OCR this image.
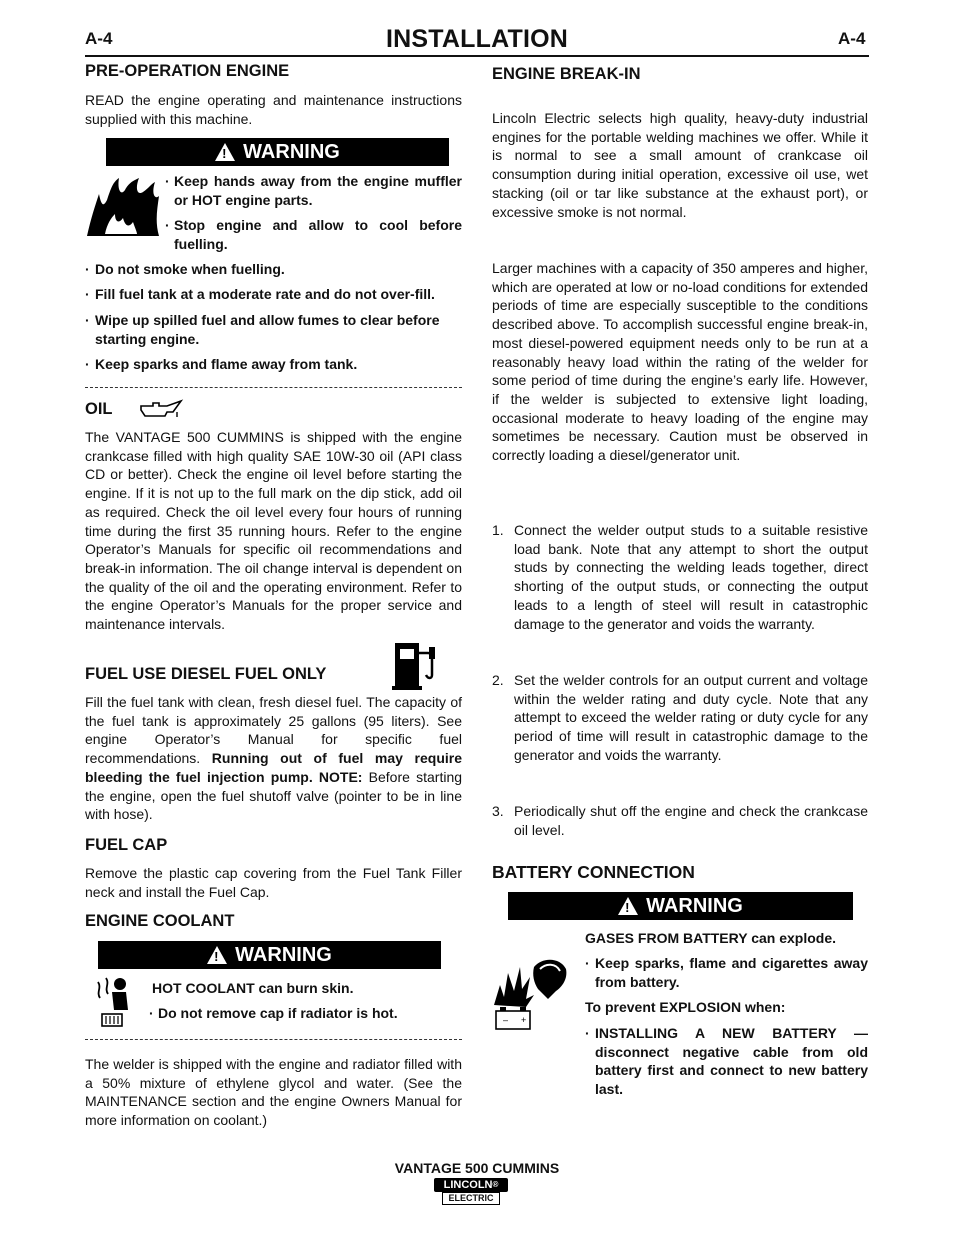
A-4	INSTALLATION	A-4
PRE-OPERATION ENGINE
READ the engine operating and maintenance instructions supplied with this machine.
!
WARNING
· Keep hands away from the engine muffler or HOT engine parts.
· Stop engine and allow to cool before fuelling.
· Do not smoke when fuelling.
· Fill fuel tank at a moderate rate and do not over-fill.
· Wipe up spilled fuel and allow fumes to clear before starting engine.
· Keep sparks and flame away from tank.
OIL
The VANTAGE 500 CUMMINS is shipped with the engine crankcase filled with high quality SAE 10W-30 oil (API class CD or better). Check the engine oil level before starting the engine. If it is not up to the full mark on the dip stick, add oil as required. Check the oil level every four hours of running time during the first 35 running hours. Refer to the engine Operator’s Manuals for specific oil recommendations and break-in information. The oil change interval is dependent on the quality of the oil and the operating environment. Refer to the engine Operator’s Manuals for the proper service and maintenance intervals.
FUEL USE DIESEL FUEL ONLY
Fill the fuel tank with clean, fresh diesel fuel. The capacity of the fuel tank is approximately 25 gallons (95 liters). See engine Operator’s Manual for specific fuel recommendations. Running out of fuel may require bleeding the fuel injection pump. NOTE: Before starting the engine, open the fuel shutoff valve (pointer to be in line with hose).
FUEL CAP
Remove the plastic cap covering from the Fuel Tank Filler neck and install the Fuel Cap.
ENGINE COOLANT
!
WARNING
HOT COOLANT can burn skin.
· Do not remove cap if radiator is hot.
The welder is shipped with the engine and radiator filled with a 50% mixture of ethylene glycol and water. (See the MAINTENANCE section and the engine Owners Manual for more information on coolant.)
ENGINE BREAK-IN
Lincoln Electric selects high quality, heavy-duty industrial engines for the portable welding machines we offer. While it is normal to see a small amount of crankcase oil consumption during initial operation, excessive oil use, wet stacking (oil or tar like substance at the exhaust port), or excessive smoke is not normal.
Larger machines with a capacity of 350 amperes and higher, which are operated at low or no-load conditions for extended periods of time are especially susceptible to the conditions described above. To accomplish successful engine break-in, most diesel-powered equipment needs only to be run at a reasonably heavy load within the rating of the welder for some period of time during the engine’s early life. However, if the welder is subjected to extensive light loading, occasional moderate to heavy loading of the engine may sometimes be necessary. Caution must be observed in correctly loading a diesel/generator unit.
1. Connect the welder output studs to a suitable resistive load bank. Note that any attempt to short the output studs by connecting the welding leads together, direct shorting of the output studs, or connecting the output leads to a length of steel will result in catastrophic damage to the generator and voids the warranty.
2. Set the welder controls for an output current and voltage within the welder rating and duty cycle. Note that any attempt to exceed the welder rating or duty cycle for any period of time will result in catastrophic damage to the generator and voids the warranty.
3. Periodically shut off the engine and check the crankcase oil level.
BATTERY CONNECTION
!
WARNING
– +
GASES FROM BATTERY can explode.
· Keep sparks, flame and cigarettes away from battery.
To prevent EXPLOSION when:
· INSTALLING A NEW BATTERY — disconnect negative cable from old battery first and connect to new battery last.
VANTAGE 500 CUMMINS
LINCOLN®
ELECTRIC
